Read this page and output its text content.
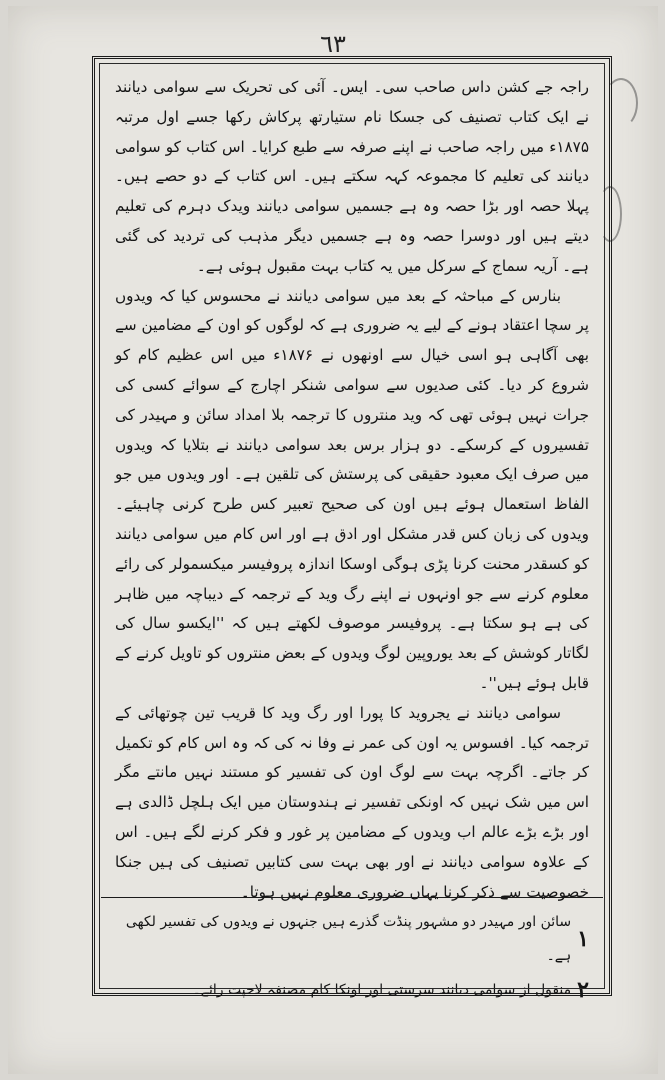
٦٣

راجہ جے کشن داس صاحب سی۔ ایس۔ آئی کی تحریک سے سوامی دیانند نے ایک کتاب تصنیف کی جسکا نام ستیارتھ پرکاش رکھا جسے اول مرتبہ ۱۸۷۵ء میں راجہ صاحب نے اپنے صرفہ سے طبع کرایا۔ اس کتاب کو سوامی دیانند کی تعلیم کا مجموعہ کہہ سکتے ہیں۔ اس کتاب کے دو حصے ہیں۔ پہلا حصہ اور بڑا حصہ وہ ہے جسمیں سوامی دیانند ویدک دہرم کی تعلیم دیتے ہیں اور دوسرا حصہ وہ ہے جسمیں دیگر مذہب کی تردید کی گئی ہے۔ آریہ سماج کے سرکل میں یہ کتاب بہت مقبول ہوئی ہے۔

بنارس کے مباحثہ کے بعد میں سوامی دیانند نے محسوس کیا کہ ویدوں پر سچا اعتقاد ہونے کے لیے یہ ضروری ہے کہ لوگوں کو اون کے مضامین سے بھی آگاہی ہو اسی خیال سے اونھوں نے ۱۸۷۶ء میں اس عظیم کام کو شروع کر دیا۔ کئی صدیوں سے سوامی شنکر اچارج کے سوائے کسی کی جرات نہیں ہوئی تھی کہ وید منتروں کا ترجمہ بلا امداد سائن و مہیدر کی تفسیروں کے کرسکے۔ دو ہزار برس بعد سوامی دیانند نے بتلایا کہ ویدوں میں صرف ایک معبود حقیقی کی پرستش کی تلقین ہے۔ اور ویدوں میں جو الفاظ استعمال ہوئے ہیں اون کی صحیح تعبیر کس طرح کرنی چاہیئے۔ ویدوں کی زبان کس قدر مشکل اور ادق ہے اور اس کام میں سوامی دیانند کو کسقدر محنت کرنا پڑی ہوگی اوسکا اندازہ پروفیسر میکسمولر کی رائے معلوم کرنے سے جو اونہوں نے اپنے رگ وید کے ترجمہ کے دیباچہ میں ظاہر کی ہے ہو سکتا ہے۔ پروفیسر موصوف لکھتے ہیں کہ ''ایکسو سال کی لگاتار کوشش کے بعد یوروپین لوگ ویدوں کے بعض منتروں کو تاویل کرنے کے قابل ہوئے ہیں''۔

سوامی دیانند نے یجروید کا پورا اور رگ وید کا قریب تین چوتھائی کے ترجمہ کیا۔ افسوس یہ اون کی عمر نے وفا نہ کی کہ وہ اس کام کو تکمیل کر جاتے۔ اگرچہ بہت سے لوگ اون کی تفسیر کو مستند نہیں مانتے مگر اس میں شک نہیں کہ اونکی تفسیر نے ہندوستان میں ایک ہلچل ڈالدی ہے اور بڑے بڑے عالم اب ویدوں کے مضامین پر غور و فکر کرنے لگے ہیں۔ اس کے علاوہ سوامی دیانند نے اور بھی بہت سی کتابیں تصنیف کی ہیں جنکا خصوصیت سے ذکر کرنا یہاں ضروری معلوم نہیں ہوتا۔

١
سائن اور مہیدر دو مشہور پنڈت گذرے ہیں جنہوں نے ویدوں کی تفسیر لکھی ہے۔
٢
منقول از سوامی دیانند سرستی اور اونکا کام مصنفہ لاجپت رائے۔
